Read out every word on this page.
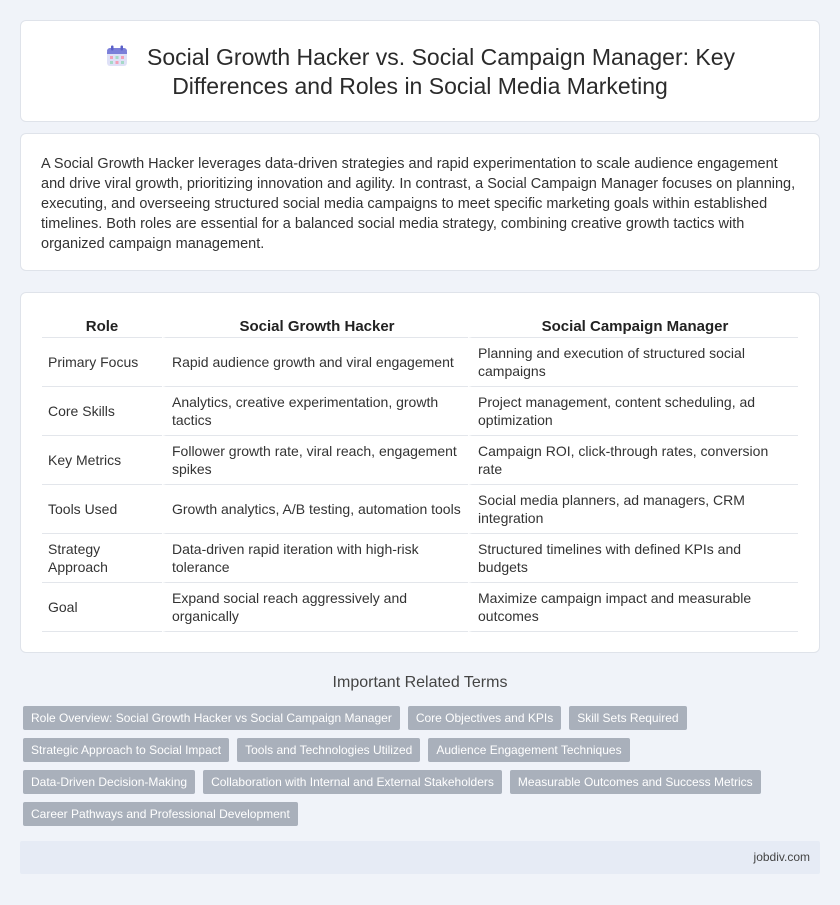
Social Growth Hacker vs. Social Campaign Manager: Key Differences and Roles in Social Media Marketing

A Social Growth Hacker leverages data-driven strategies and rapid experimentation to scale audience engagement and drive viral growth, prioritizing innovation and agility. In contrast, a Social Campaign Manager focuses on planning, executing, and overseeing structured social media campaigns to meet specific marketing goals within established timelines. Both roles are essential for a balanced social media strategy, combining creative growth tactics with organized campaign management.

Role	Social Growth Hacker	Social Campaign Manager
Primary Focus	Rapid audience growth and viral engagement	Planning and execution of structured social campaigns
Core Skills	Analytics, creative experimentation, growth tactics	Project management, content scheduling, ad optimization
Key Metrics	Follower growth rate, viral reach, engagement spikes	Campaign ROI, click-through rates, conversion rate
Tools Used	Growth analytics, A/B testing, automation tools	Social media planners, ad managers, CRM integration
Strategy Approach	Data-driven rapid iteration with high-risk tolerance	Structured timelines with defined KPIs and budgets
Goal	Expand social reach aggressively and organically	Maximize campaign impact and measurable outcomes
Important Related Terms
Role Overview: Social Growth Hacker vs Social Campaign Manager	Core Objectives and KPIs	Skill Sets Required
Strategic Approach to Social Impact	Tools and Technologies Utilized	Audience Engagement Techniques
Data-Driven Decision-Making	Collaboration with Internal and External Stakeholders	Measurable Outcomes and Success Metrics
Career Pathways and Professional Development
jobdiv.com
